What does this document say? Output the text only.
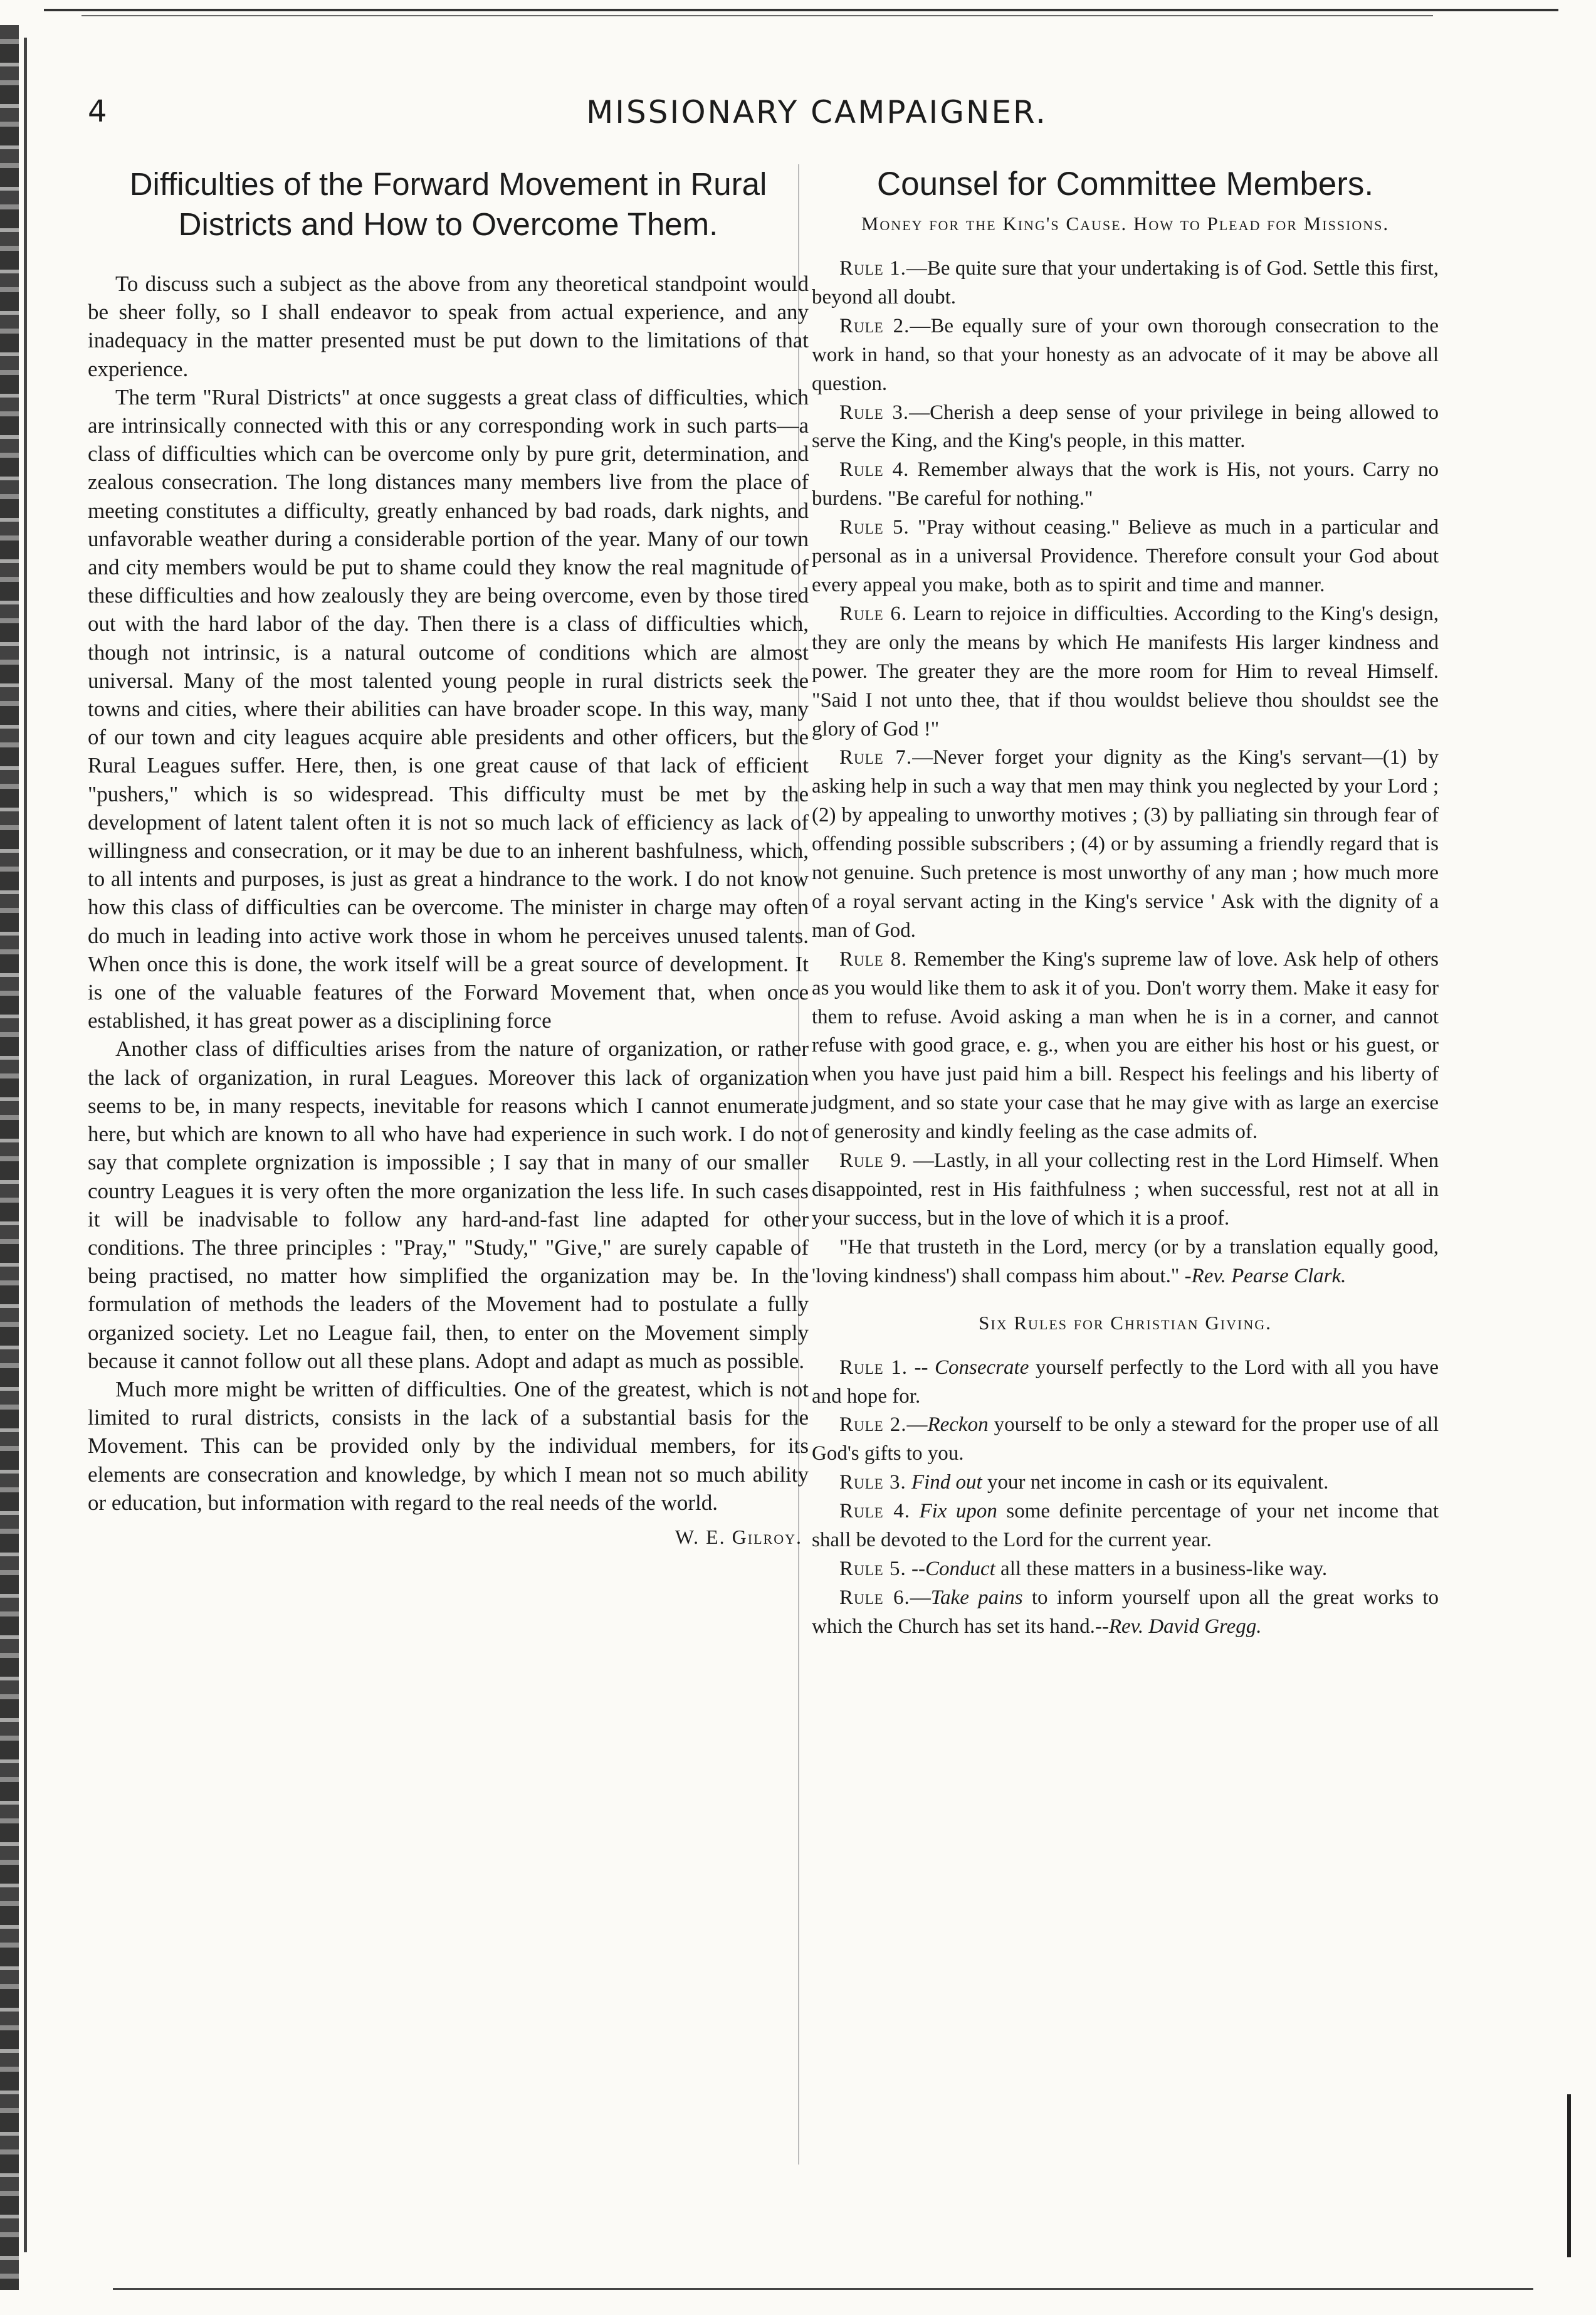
4	MISSIONARY CAMPAIGNER.
Difficulties of the Forward Movement in Rural Districts and How to Overcome Them.

To discuss such a subject as the above from any theoretical standpoint would be sheer folly, so I shall endeavor to speak from actual experience, and any inadequacy in the matter presented must be put down to the limitations of that experience.

The term "Rural Districts" at once suggests a great class of difficulties, which are intrinsically connected with this or any corresponding work in such parts—a class of difficulties which can be overcome only by pure grit, determination, and zealous consecration. The long distances many members live from the place of meeting constitutes a difficulty, greatly enhanced by bad roads, dark nights, and unfavorable weather during a considerable portion of the year. Many of our town and city members would be put to shame could they know the real magnitude of these difficulties and how zealously they are being overcome, even by those tired out with the hard labor of the day. Then there is a class of difficulties which, though not intrinsic, is a natural outcome of conditions which are almost universal. Many of the most talented young people in rural districts seek the towns and cities, where their abilities can have broader scope. In this way, many of our town and city leagues acquire able presidents and other officers, but the Rural Leagues suffer. Here, then, is one great cause of that lack of efficient "pushers," which is so widespread. This difficulty must be met by the development of latent talent often it is not so much lack of efficiency as lack of willingness and consecration, or it may be due to an inherent bashfulness, which, to all intents and purposes, is just as great a hindrance to the work. I do not know how this class of difficulties can be overcome. The minister in charge may often do much in leading into active work those in whom he perceives unused talents. When once this is done, the work itself will be a great source of development. It is one of the valuable features of the Forward Movement that, when once established, it has great power as a disciplining force

Another class of difficulties arises from the nature of organization, or rather the lack of organization, in rural Leagues. Moreover this lack of organization seems to be, in many respects, inevitable for reasons which I cannot enumerate here, but which are known to all who have had experience in such work. I do not say that complete orgnization is impossible ; I say that in many of our smaller country Leagues it is very often the more organization the less life. In such cases it will be inadvisable to follow any hard-and-fast line adapted for other conditions. The three principles : "Pray," "Study," "Give," are surely capable of being practised, no matter how simplified the organization may be. In the formulation of methods the leaders of the Movement had to postulate a fully organized society. Let no League fail, then, to enter on the Movement simply because it cannot follow out all these plans. Adopt and adapt as much as possible.

Much more might be written of difficulties. One of the greatest, which is not limited to rural districts, consists in the lack of a substantial basis for the Movement. This can be provided only by the individual members, for its elements are consecration and knowledge, by which I mean not so much ability or education, but information with regard to the real needs of the world.

W. E. Gilroy.
Counsel for Committee Members.
Money for the King's Cause. How to Plead for Missions.

Rule 1.—Be quite sure that your undertaking is of God. Settle this first, beyond all doubt.

Rule 2.—Be equally sure of your own thorough consecration to the work in hand, so that your honesty as an advocate of it may be above all question.

Rule 3.—Cherish a deep sense of your privilege in being allowed to serve the King, and the King's people, in this matter.

Rule 4. Remember always that the work is His, not yours. Carry no burdens. "Be careful for nothing."

Rule 5. "Pray without ceasing." Believe as much in a particular and personal as in a universal Providence. Therefore consult your God about every appeal you make, both as to spirit and time and manner.

Rule 6. Learn to rejoice in difficulties. According to the King's design, they are only the means by which He manifests His larger kindness and power. The greater they are the more room for Him to reveal Himself. "Said I not unto thee, that if thou wouldst believe thou shouldst see the glory of God !"

Rule 7.—Never forget your dignity as the King's servant—(1) by asking help in such a way that men may think you neglected by your Lord ; (2) by appealing to unworthy motives ; (3) by palliating sin through fear of offending possible subscribers ; (4) or by assuming a friendly regard that is not genuine. Such pretence is most unworthy of any man ; how much more of a royal servant acting in the King's service ' Ask with the dignity of a man of God.

Rule 8. Remember the King's supreme law of love. Ask help of others as you would like them to ask it of you. Don't worry them. Make it easy for them to refuse. Avoid asking a man when he is in a corner, and cannot refuse with good grace, e. g., when you are either his host or his guest, or when you have just paid him a bill. Respect his feelings and his liberty of judgment, and so state your case that he may give with as large an exercise of generosity and kindly feeling as the case admits of.

Rule 9. —Lastly, in all your collecting rest in the Lord Himself. When disappointed, rest in His faithfulness ; when successful, rest not at all in your success, but in the love of which it is a proof.

"He that trusteth in the Lord, mercy (or by a translation equally good, 'loving kindness') shall compass him about." -Rev. Pearse Clark.

Six Rules for Christian Giving.

Rule 1. -- Consecrate yourself perfectly to the Lord with all you have and hope for.

Rule 2.—Reckon yourself to be only a steward for the proper use of all God's gifts to you.

Rule 3. Find out your net income in cash or its equivalent.

Rule 4. Fix upon some definite percentage of your net income that shall be devoted to the Lord for the current year.

Rule 5. --Conduct all these matters in a business-like way.

Rule 6.—Take pains to inform yourself upon all the great works to which the Church has set its hand.--Rev. David Gregg.
